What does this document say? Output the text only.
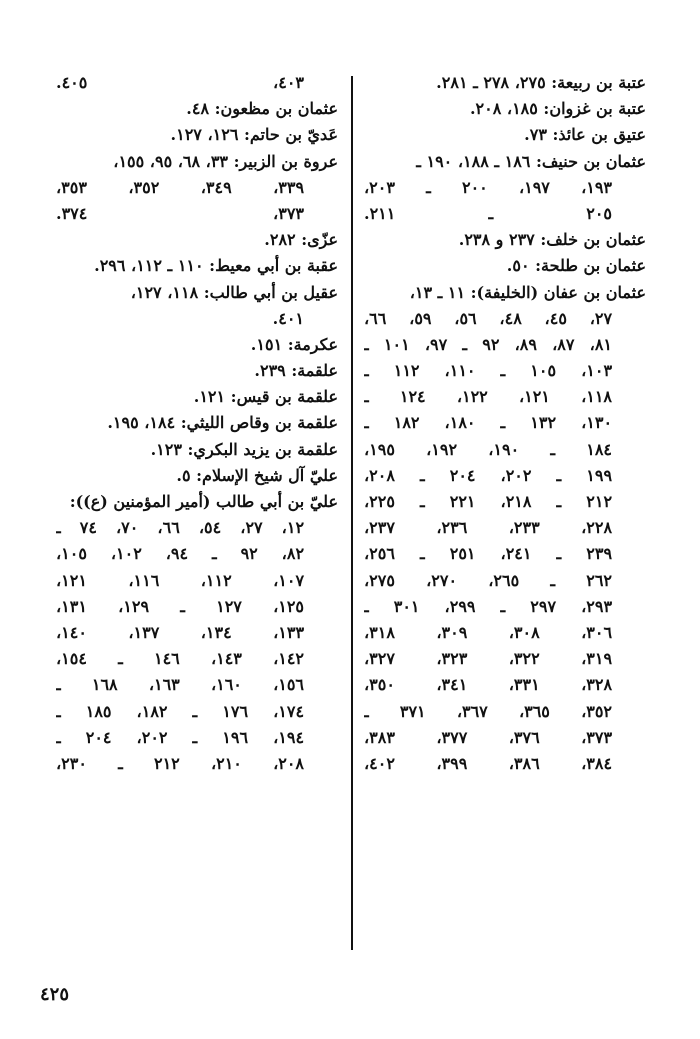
عتبة بن ربيعة: ٢٧٥، ٢٧٨ ـ ٢٨١.
عتبة بن غزوان: ١٨٥، ٢٠٨.
عتيق بن عائذ: ٧٣.
عثمان بن حنيف: ١٨٦ ـ ١٨٨، ١٩٠ ـ
١٩٣، ١٩٧، ٢٠٠ ـ ٢٠٣،
٢٠٥ ـ ٢١١.
عثمان بن خلف: ٢٣٧ و ٢٣٨.
عثمان بن طلحة: ٥٠.
عثمان بن عفان (الخليفة): ١١ ـ ١٣،
٢٧، ٤٥، ٤٨، ٥٦، ٥٩، ٦٦،
٨١، ٨٧، ٨٩، ٩٢ ـ ٩٧، ١٠١ ـ
١٠٣، ١٠٥ ـ ١١٠، ١١٢ ـ
١١٨، ١٢١، ١٢٢، ١٢٤ ـ
١٣٠، ١٣٢ ـ ١٨٠، ١٨٢ ـ
١٨٤ ـ ١٩٠، ١٩٢، ١٩٥،
١٩٩ ـ ٢٠٢، ٢٠٤ ـ ٢٠٨،
٢١٢ ـ ٢١٨، ٢٢١ ـ ٢٢٥،
٢٢٨، ٢٣٣، ٢٣٦، ٢٣٧،
٢٣٩ ـ ٢٤١، ٢٥١ ـ ٢٥٦،
٢٦٢ ـ ٢٦٥، ٢٧٠، ٢٧٥،
٢٩٣، ٢٩٧ ـ ٢٩٩، ٣٠١ ـ
٣٠٦، ٣٠٨، ٣٠٩، ٣١٨،
٣١٩، ٣٢٢، ٣٢٣، ٣٢٧،
٣٢٨، ٣٣١، ٣٤١، ٣٥٠،
٣٥٢، ٣٦٥، ٣٦٧، ٣٧١ ـ
٣٧٣، ٣٧٦، ٣٧٧، ٣٨٣،
٣٨٤، ٣٨٦، ٣٩٩، ٤٠٢،
٤٠٣، ٤٠٥.
عثمان بن مظعون: ٤٨.
عَديّ بن حاتم: ١٢٦، ١٢٧.
عروة بن الزبير: ٣٣، ٦٨، ٩٥، ١٥٥،
٣٣٩، ٣٤٩، ٣٥٢، ٣٥٣،
٣٧٣، ٣٧٤.
عزّى: ٢٨٢.
عقبة بن أبي معيط: ١١٠ ـ ١١٢، ٢٩٦.
عقيل بن أبي طالب: ١١٨، ١٢٧،
٤٠١.
عكرمة: ١٥١.
علقمة: ٢٣٩.
علقمة بن قيس: ١٢١.
علقمة بن وقاص الليثي: ١٨٤، ١٩٥.
علقمة بن يزيد البكري: ١٢٣.
عليّ آل شيخ الإسلام: ٥.
عليّ بن أبي طالب (أمير المؤمنين (ع)):
١٢، ٢٧، ٥٤، ٦٦، ٧٠، ٧٤ ـ
٨٢، ٩٢ ـ ٩٤، ١٠٢، ١٠٥،
١٠٧، ١١٢، ١١٦، ١٢١،
١٢٥، ١٢٧ ـ ١٢٩، ١٣١،
١٣٣، ١٣٤، ١٣٧، ١٤٠،
١٤٢، ١٤٣، ١٤٦ ـ ١٥٤،
١٥٦، ١٦٠، ١٦٣، ١٦٨ ـ
١٧٤، ١٧٦ ـ ١٨٢، ١٨٥ ـ
١٩٤، ١٩٦ ـ ٢٠٢، ٢٠٤ ـ
٢٠٨، ٢١٠، ٢١٢ ـ ٢٣٠،
٤٢٥
